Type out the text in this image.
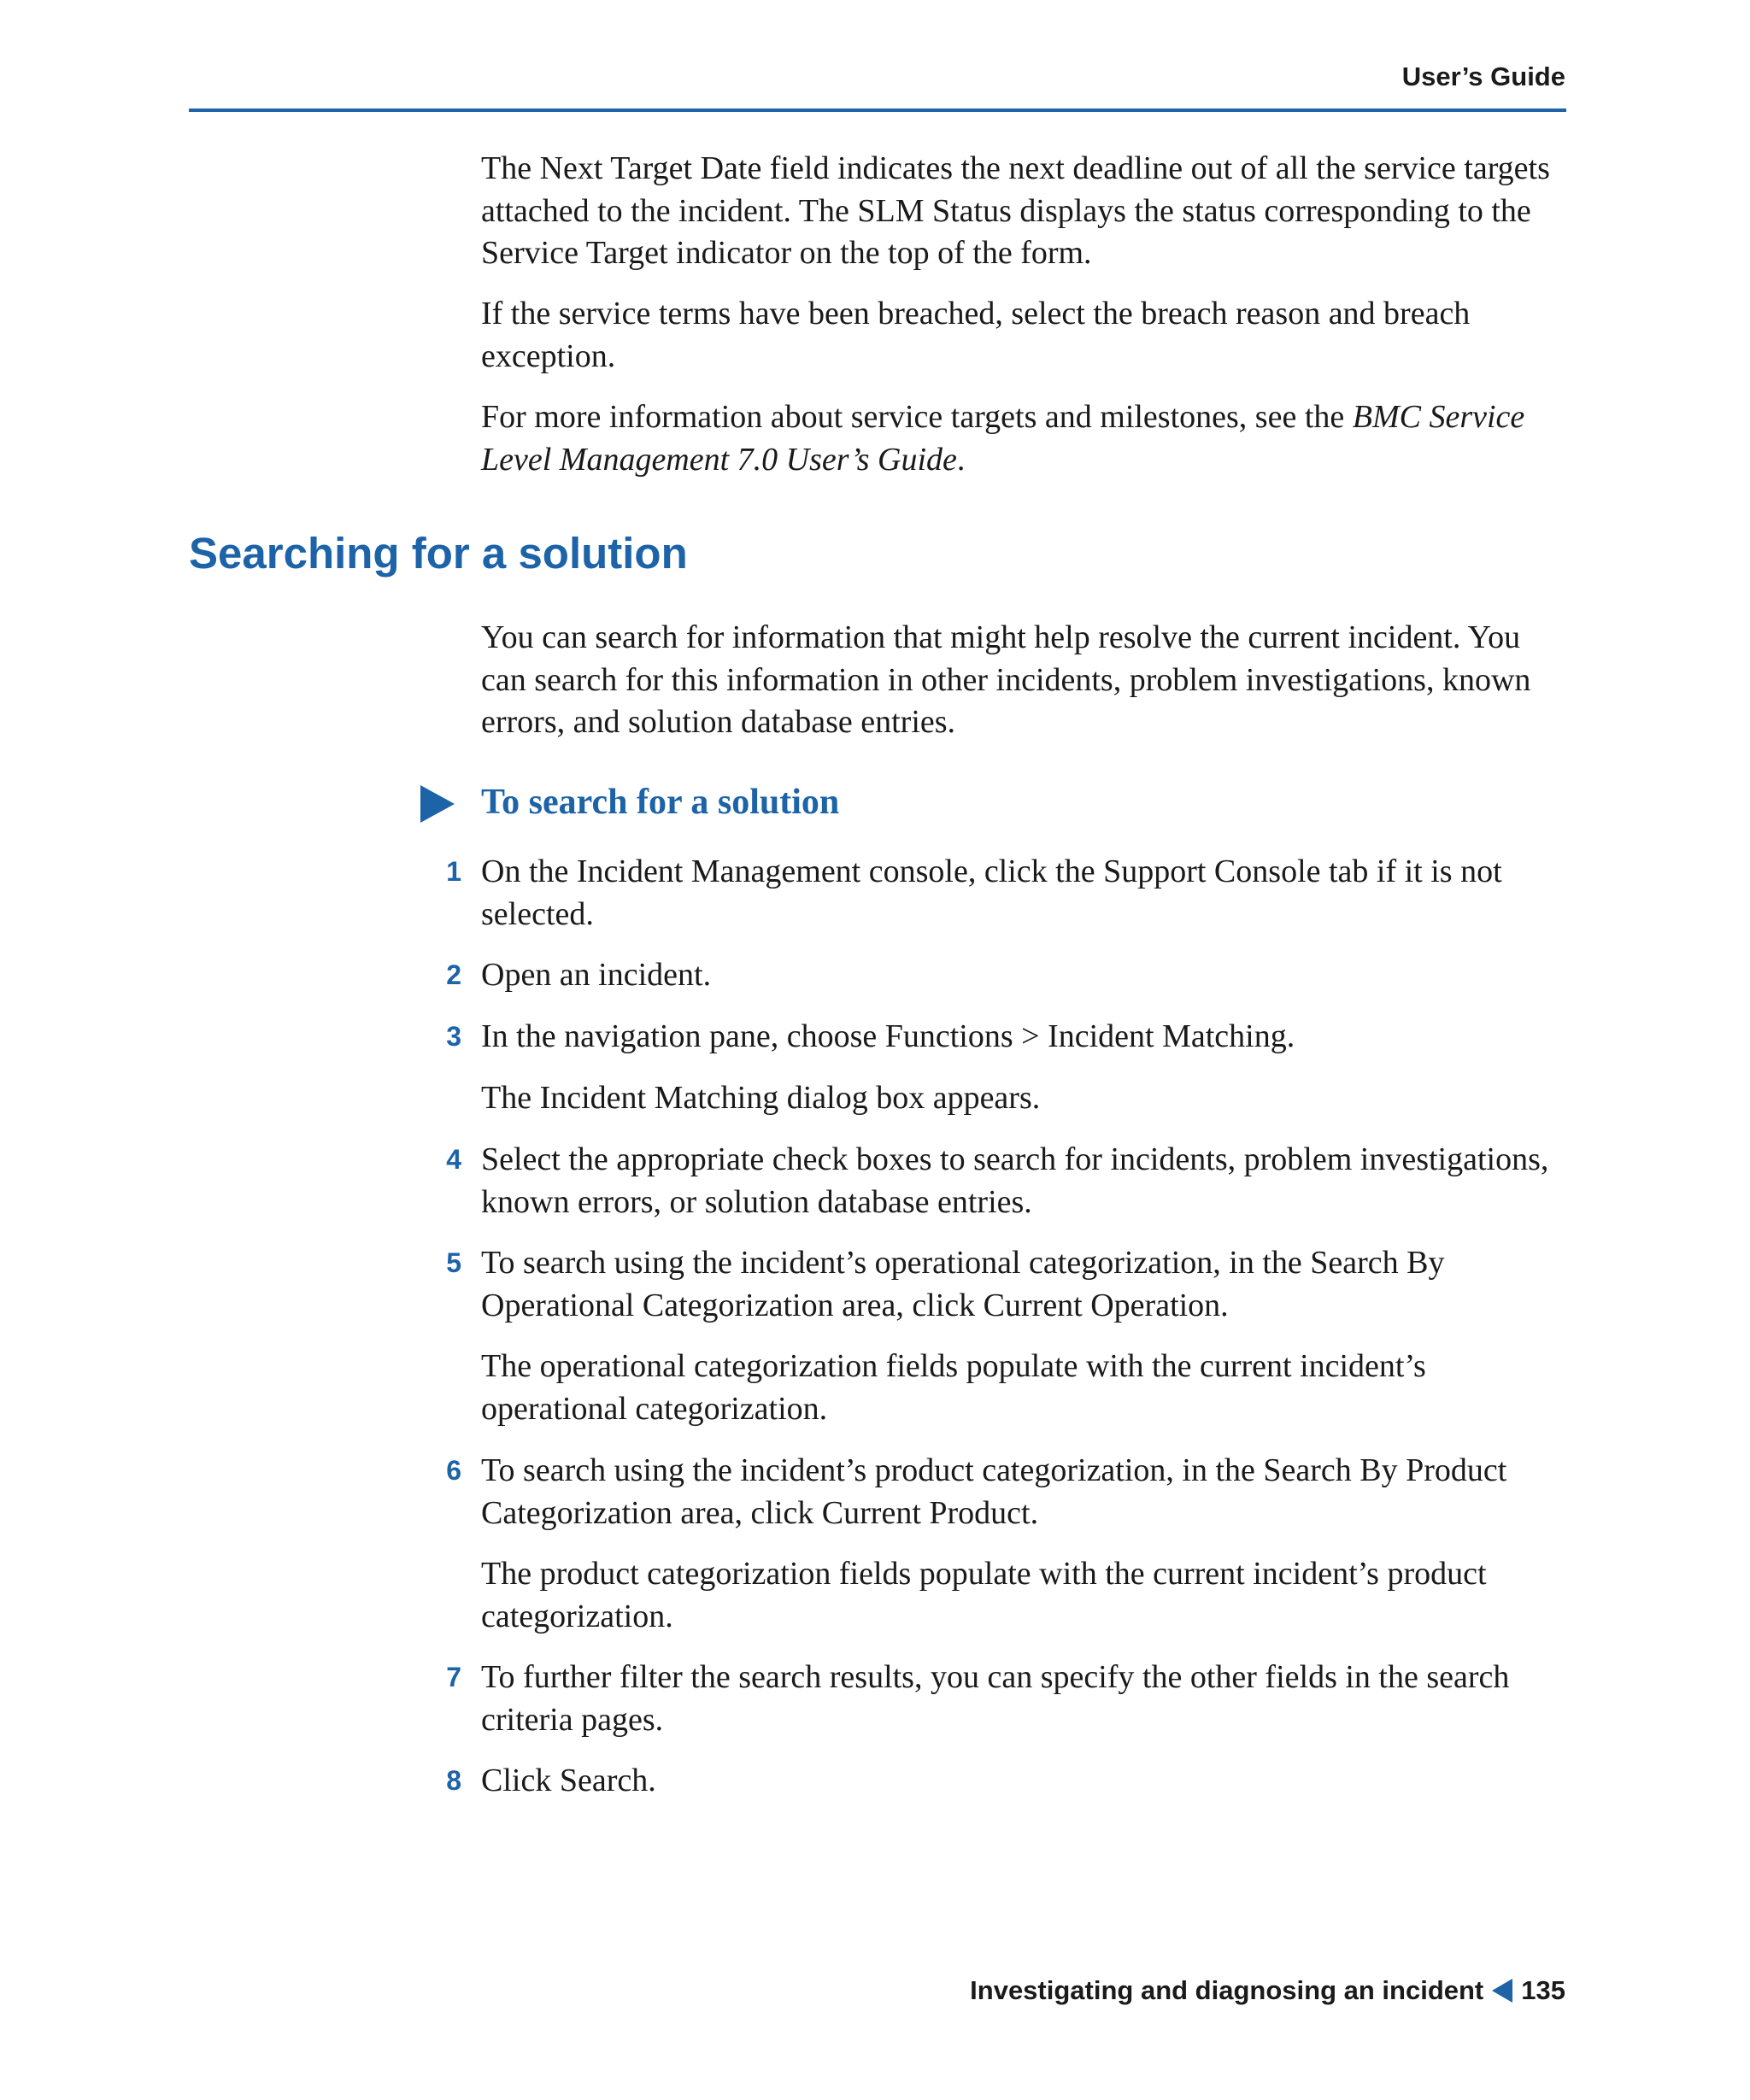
User’s Guide

The Next Target Date field indicates the next deadline out of all the service targets attached to the incident. The SLM Status displays the status corresponding to the Service Target indicator on the top of the form.

If the service terms have been breached, select the breach reason and breach exception.

For more information about service targets and milestones, see the BMC Service Level Management 7.0 User’s Guide.

Searching for a solution

You can search for information that might help resolve the current incident. You can search for this information in other incidents, problem investigations, known errors, and solution database entries.

To search for a solution
1 On the Incident Management console, click the Support Console tab if it is not selected.

2 Open an incident.

3 In the navigation pane, choose Functions > Incident Matching.

The Incident Matching dialog box appears.

4 Select the appropriate check boxes to search for incidents, problem investigations, known errors, or solution database entries.

5 To search using the incident’s operational categorization, in the Search By Operational Categorization area, click Current Operation.

The operational categorization fields populate with the current incident’s operational categorization.

6 To search using the incident’s product categorization, in the Search By Product Categorization area, click Current Product.

The product categorization fields populate with the current incident’s product categorization.

7 To further filter the search results, you can specify the other fields in the search criteria pages.

8 Click Search.

Investigating and diagnosing an incident 135
